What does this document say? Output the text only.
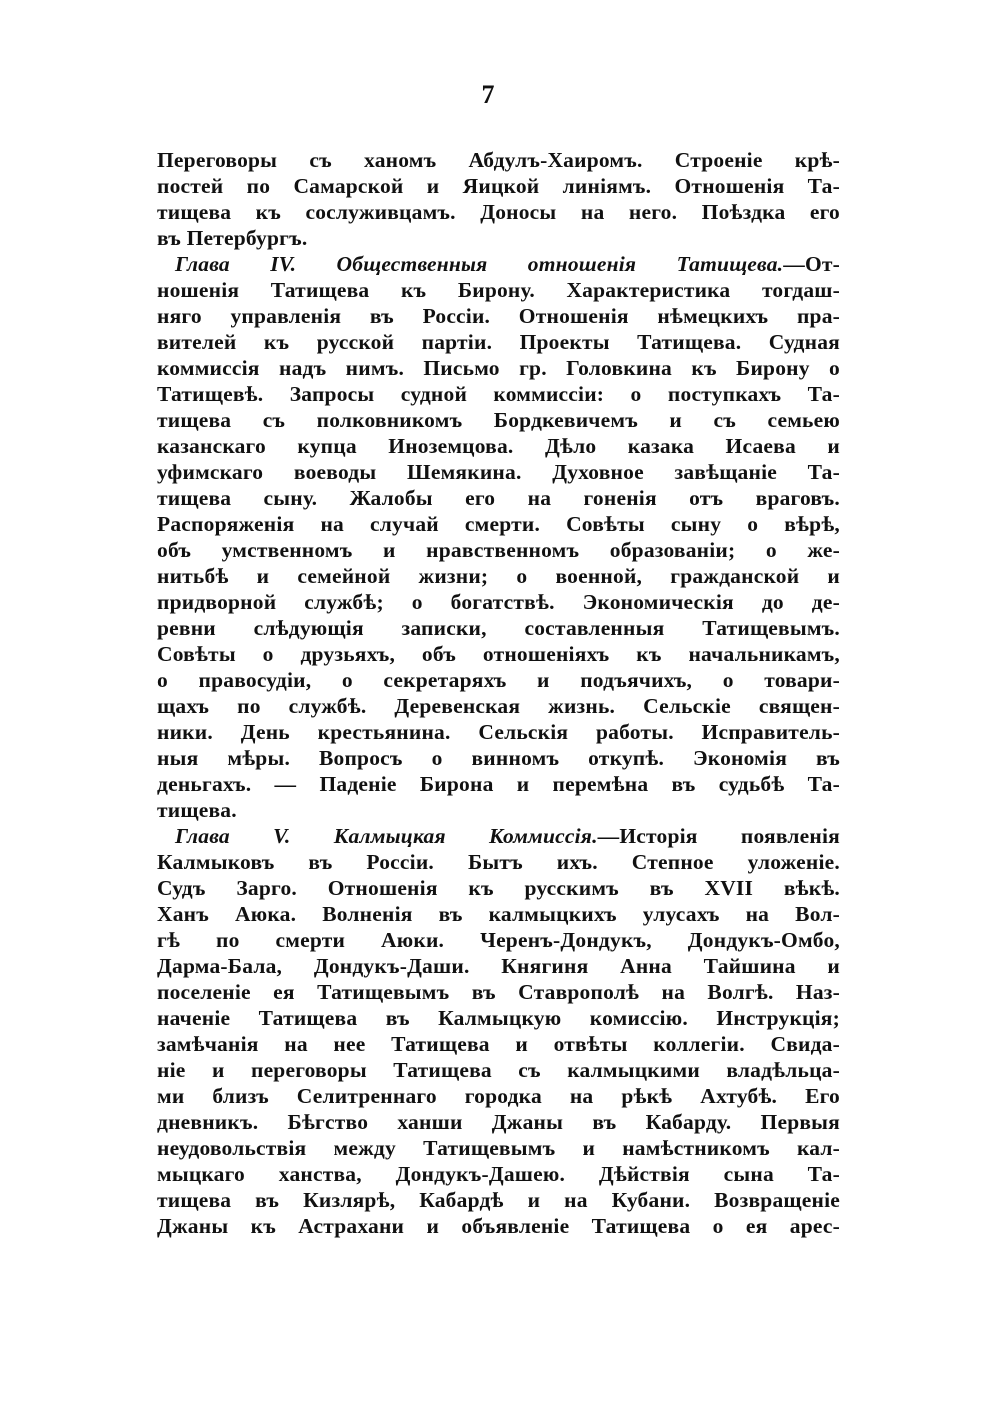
7
Переговоры съ ханомъ Абдулъ-Хаиромъ. Строеніе крѣ-
постей по Самарской и Яицкой линіямъ. Отношенія Та-
тищева къ сослуживцамъ. Доносы на него. Поѣздка его
въ Петербургъ.
Глава IV. Общественныя отношенія Татищева.—От-
ношенія Татищева къ Бирону. Характеристика тогдаш-
няго управленія въ Россіи. Отношенія нѣмецкихъ пра-
вителей къ русской партіи. Проекты Татищева. Судная
коммиссія надъ нимъ. Письмо гр. Головкина къ Бирону о
Татищевѣ. Запросы судной коммиссіи: о поступкахъ Та-
тищева съ полковникомъ Бордкевичемъ и съ семьею
казанскаго купца Иноземцова. Дѣло казака Исаева и
уфимскаго воеводы Шемякина. Духовное завѣщаніе Та-
тищева сыну. Жалобы его на гоненія отъ враговъ.
Распоряженія на случай смерти. Совѣты сыну о вѣрѣ,
объ умственномъ и нравственномъ образованіи; о же-
нитьбѣ и семейной жизни; о военной, гражданской и
придворной службѣ; о богатствѣ. Экономическія до де-
ревни слѣдующія записки, составленныя Татищевымъ.
Совѣты о друзьяхъ, объ отношеніяхъ къ начальникамъ,
о правосудіи, о секретаряхъ и подъячихъ, о товари-
щахъ по службѣ. Деревенская жизнь. Сельскіе священ-
ники. День крестьянина. Сельскія работы. Исправитель-
ныя мѣры. Вопросъ о винномъ откупѣ. Экономія въ
деньгахъ. — Паденіе Бирона и перемѣна въ судьбѣ Та-
тищева.
Глава V. Калмыцкая Коммиссія.—Исторія появленія
Калмыковъ въ Россіи. Бытъ ихъ. Степное уложеніе.
Судъ Зарго. Отношенія къ русскимъ въ XVII вѣкѣ.
Ханъ Аюка. Волненія въ калмыцкихъ улусахъ на Вол-
гѣ по смерти Аюки. Черенъ-Дондукъ, Дондукъ-Омбо,
Дарма-Бала, Дондукъ-Даши. Княгиня Анна Тайшина и
поселеніе ея Татищевымъ въ Ставрополѣ на Волгѣ. Наз-
наченіе Татищева въ Калмыцкую комиссію. Инструкція;
замѣчанія на нее Татищева и отвѣты коллегіи. Свида-
ніе и переговоры Татищева съ калмыцкими владѣльца-
ми близъ Селитреннаго городка на рѣкѣ Ахтубѣ. Его
дневникъ. Бѣгство ханши Джаны въ Кабарду. Первыя
неудовольствія между Татищевымъ и намѣстникомъ кал-
мыцкаго ханства, Дондукъ-Дашею. Дѣйствія сына Та-
тищева въ Кизлярѣ, Кабардѣ и на Кубани. Возвращеніе
Джаны къ Астрахани и объявленіе Татищева о ея арес-
